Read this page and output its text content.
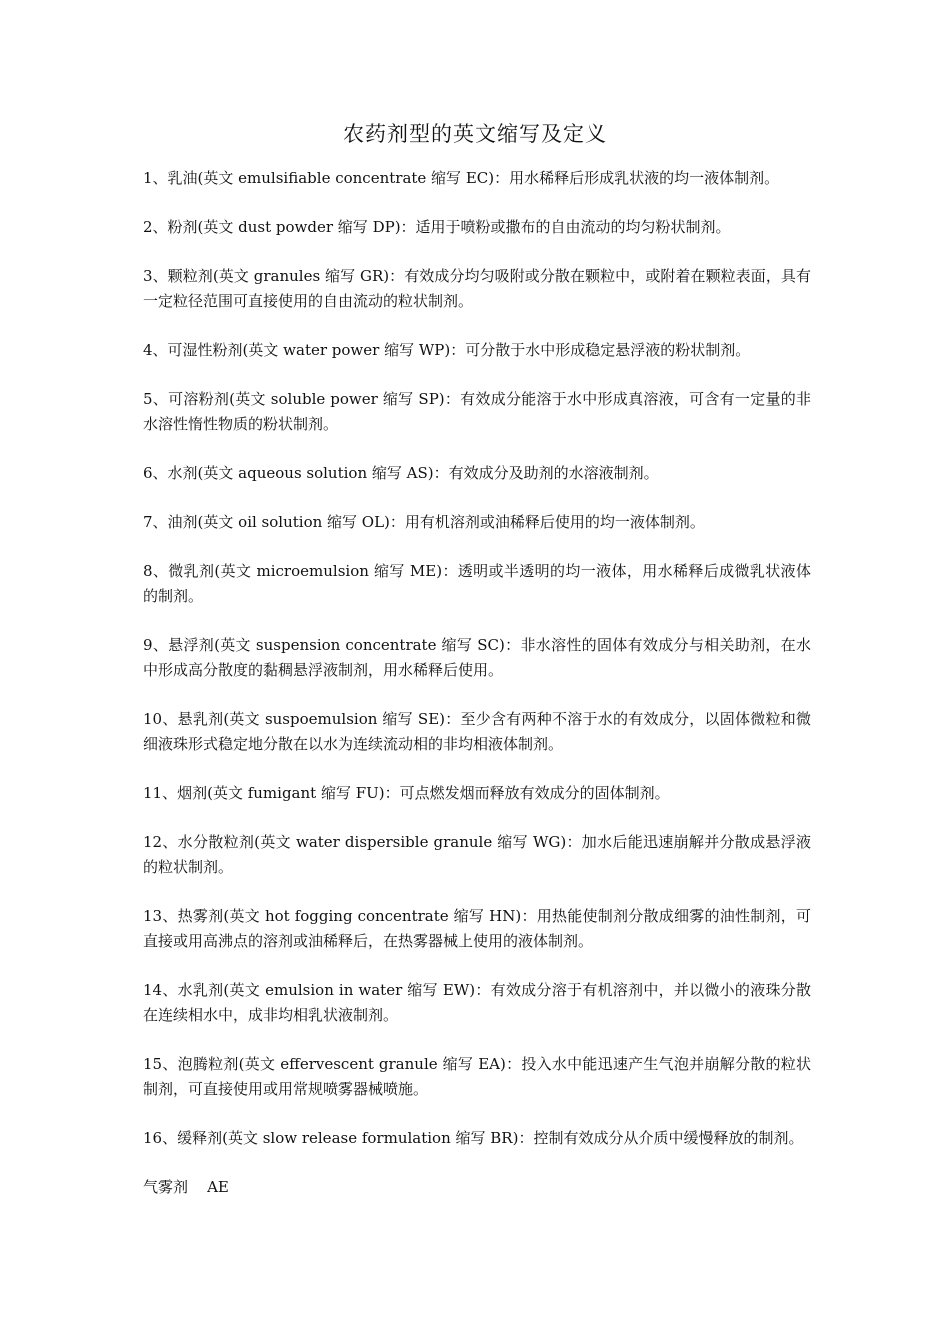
农药剂型的英文缩写及定义

1、乳油(英文 emulsifiable concentrate 缩写 EC)：用水稀释后形成乳状液的均一液体制剂。

2、粉剂(英文 dust powder 缩写 DP)：适用于喷粉或撒布的自由流动的均匀粉状制剂。

3、颗粒剂(英文 granules 缩写 GR)：有效成分均匀吸附或分散在颗粒中，或附着在颗粒表面，具有一定粒径范围可直接使用的自由流动的粒状制剂。

4、可湿性粉剂(英文 water power 缩写 WP)：可分散于水中形成稳定悬浮液的粉状制剂。

5、可溶粉剂(英文 soluble power 缩写 SP)：有效成分能溶于水中形成真溶液，可含有一定量的非水溶性惰性物质的粉状制剂。

6、水剂(英文 aqueous solution 缩写 AS)：有效成分及助剂的水溶液制剂。

7、油剂(英文 oil solution 缩写 OL)：用有机溶剂或油稀释后使用的均一液体制剂。

8、微乳剂(英文 microemulsion 缩写 ME)：透明或半透明的均一液体，用水稀释后成微乳状液体的制剂。

9、悬浮剂(英文 suspension concentrate 缩写 SC)：非水溶性的固体有效成分与相关助剂，在水中形成高分散度的黏稠悬浮液制剂，用水稀释后使用。

10、悬乳剂(英文 suspoemulsion 缩写 SE)：至少含有两种不溶于水的有效成分，以固体微粒和微细液珠形式稳定地分散在以水为连续流动相的非均相液体制剂。

11、烟剂(英文 fumigant 缩写 FU)：可点燃发烟而释放有效成分的固体制剂。

12、水分散粒剂(英文 water dispersible granule 缩写 WG)：加水后能迅速崩解并分散成悬浮液的粒状制剂。

13、热雾剂(英文 hot fogging concentrate 缩写 HN)：用热能使制剂分散成细雾的油性制剂，可直接或用高沸点的溶剂或油稀释后，在热雾器械上使用的液体制剂。

14、水乳剂(英文 emulsion in water 缩写 EW)：有效成分溶于有机溶剂中，并以微小的液珠分散在连续相水中，成非均相乳状液制剂。

15、泡腾粒剂(英文 effervescent granule 缩写 EA)：投入水中能迅速产生气泡并崩解分散的粒状制剂，可直接使用或用常规喷雾器械喷施。

16、缓释剂(英文 slow release formulation 缩写 BR)：控制有效成分从介质中缓慢释放的制剂。

气雾剂    AE
